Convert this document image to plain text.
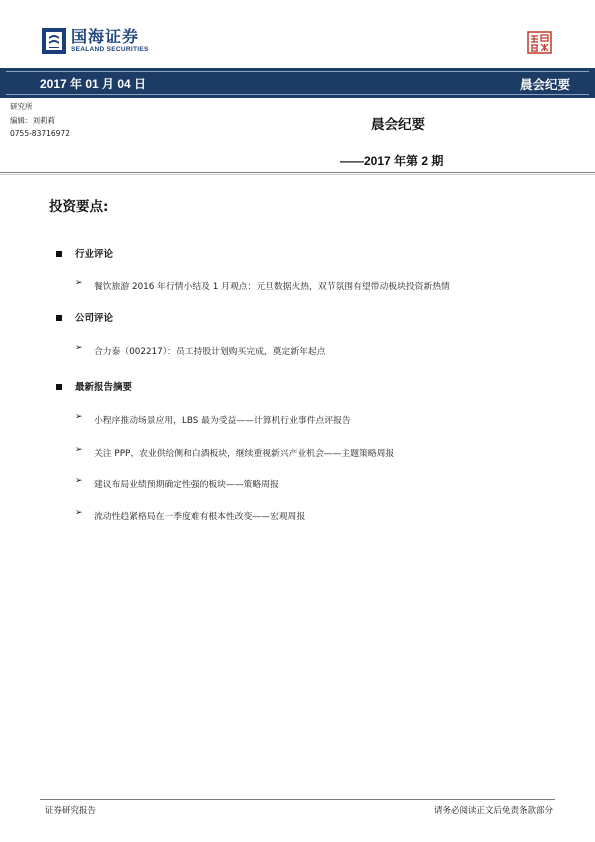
国海证券
SEALAND SECURITIES
2017 年 01 月 04 日	晨会纪要
研究所
编辑：刘莉莉
0755-83716972
晨会纪要
——2017 年第 2 期
投资要点:
行业评论
➢ 餐饮旅游 2016 年行情小结及 1 月观点：元旦数据火热，双节氛围有望带动板块投资新热情
公司评论
➢ 合力泰（002217）：员工持股计划购买完成，奠定新年起点
最新报告摘要
➢ 小程序推动场景应用，LBS 最为受益——计算机行业事件点评报告
➢ 关注 PPP、农业供给侧和白酒板块，继续重视新兴产业机会——主题策略周报
➢ 建议布局业绩预期确定性强的板块——策略周报
➢ 流动性趋紧格局在一季度难有根本性改变——宏观周报
证券研究报告	请务必阅读正文后免责条款部分
